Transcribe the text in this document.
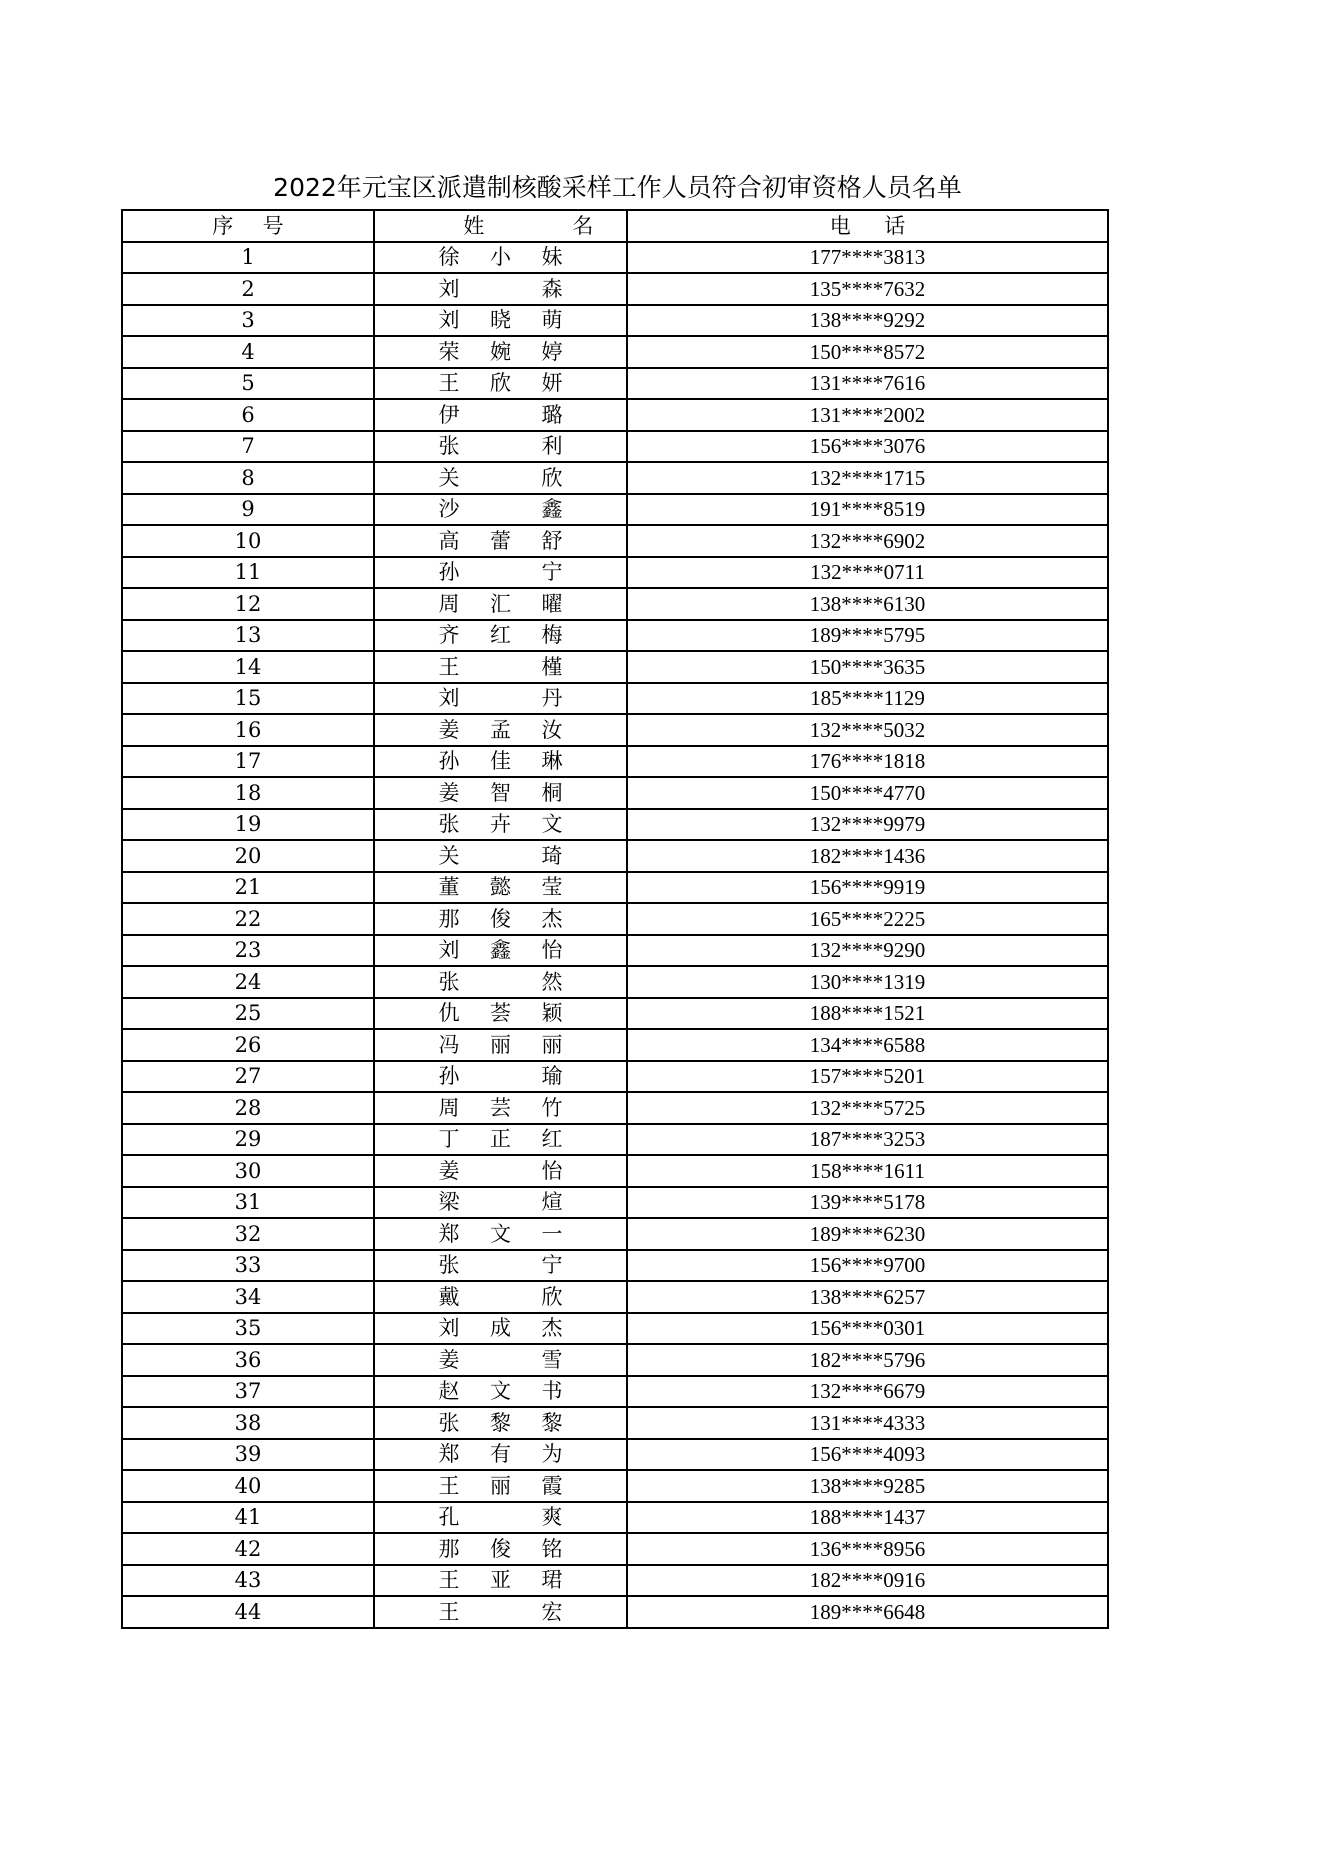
2022年元宝区派遣制核酸采样工作人员符合初审资格人员名单
序号	姓名	电话
1	徐 小 妹	177****3813
2	刘 森	135****7632
3	刘 晓 萌	138****9292
4	荣 婉 婷	150****8572
5	王 欣 妍	131****7616
6	伊 璐	131****2002
7	张 利	156****3076
8	关 欣	132****1715
9	沙 鑫	191****8519
10	高 蕾 舒	132****6902
11	孙 宁	132****0711
12	周 汇 曜	138****6130
13	齐 红 梅	189****5795
14	王 槿	150****3635
15	刘 丹	185****1129
16	姜 孟 汝	132****5032
17	孙 佳 琳	176****1818
18	姜 智 桐	150****4770
19	张 卉 文	132****9979
20	关 琦	182****1436
21	董 懿 莹	156****9919
22	那 俊 杰	165****2225
23	刘 鑫 怡	132****9290
24	张 然	130****1319
25	仇 荟 颖	188****1521
26	冯 丽 丽	134****6588
27	孙 瑜	157****5201
28	周 芸 竹	132****5725
29	丁 正 红	187****3253
30	姜 怡	158****1611
31	梁 煊	139****5178
32	郑 文 一	189****6230
33	张 宁	156****9700
34	戴 欣	138****6257
35	刘 成 杰	156****0301
36	姜 雪	182****5796
37	赵 文 书	132****6679
38	张 黎 黎	131****4333
39	郑 有 为	156****4093
40	王 丽 霞	138****9285
41	孔 爽	188****1437
42	那 俊 铭	136****8956
43	王 亚 珺	182****0916
44	王 宏	189****6648
